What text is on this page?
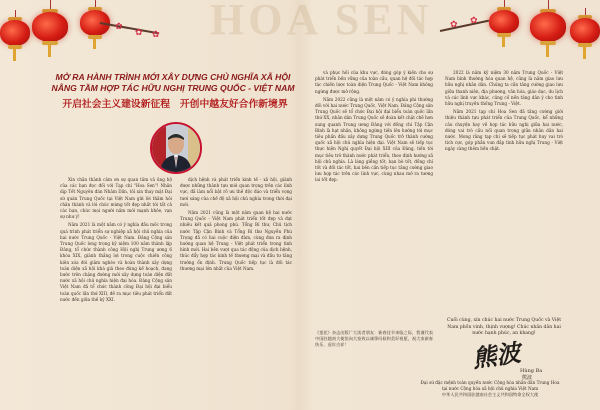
HOA SEN
✿
✿ ✿
✿ ✿
MỞ RA HÀNH TRÌNH MỚI XÂY DỰNG CHỦ NGHĨA XÃ HỘI
NÂNG TẦM HỢP TÁC HỮU NGHỊ TRUNG QUỐC - VIỆT NAM
开启社会主义建设新征程　开创中越友好合作新境界

Xin chân thành cảm ơn sự quan tâm và ủng hộ của các bạn đọc đối với Tạp chí "Hoa Sen"! Nhân dịp Tết Nguyên đán Nhâm Dần, tôi xin thay mặt Đại sứ quán Trung Quốc tại Việt Nam gửi lời thăm hỏi chân thành và lời chúc mừng tốt đẹp nhất tới tất cả các bạn, chúc mọi người năm mới mạnh khỏe, vạn sự như ý!

Năm 2021 là một năm có ý nghĩa đầu mốc trong quá trình phát triển sự nghiệp xã hội chủ nghĩa của hai nước Trung Quốc - Việt Nam. Đảng Cộng sản Trung Quốc long trọng kỷ niệm 100 năm thành lập Đảng, tổ chức thành công Hội nghị Trung ương 6 khóa XIX, giành thắng lợi trong cuộc chiến công kiên xóa đói giảm nghèo và hoàn thành xây dựng toàn diện xã hội khá giả theo đúng kế hoạch, đang bước trên chặng đường mới xây dựng toàn diện đất nước xã hội chủ nghĩa hiện đại hóa. Đảng Cộng sản Việt Nam đã tổ chức thành công Đại hội đại biểu toàn quốc lần thứ XIII, đề ra mục tiêu phát triển đất nước đến giữa thế kỷ XXI.

dịch bệnh và phát triển kinh tế - xã hội, giành được những thành tựu mới quan trọng trên các lĩnh vực, đã làm nổi bật rõ ưu thế độc đáo và triển vọng tươi sáng của chế độ xã hội chủ nghĩa trong thời đại mới.

Năm 2021 cũng là một năm quan hệ hai nước Trung Quốc - Việt Nam phát triển tốt đẹp và đạt nhiều kết quả phong phú. Tổng Bí thư, Chủ tịch nước Tập Cận Bình và Tổng Bí thư Nguyễn Phú Trọng đã có hai cuộc điện đàm, cùng đưa ra định hướng quan hệ Trung - Việt phát triển trong tình hình mới. Hai bên vượt qua tác động của dịch bệnh, thúc đẩy hợp tác kinh tế thương mại và đầu tư tăng trưởng ổn định. Trung Quốc tiếp tục là đối tác thương mại lớn nhất của Việt Nam.

và phục hồi của khu vực, đóng góp ý kiến cho sự phát triển bền vững của toàn cầu, quan hệ đối tác hợp tác chiến lược toàn diện Trung Quốc - Việt Nam không ngừng được mở rộng.

Năm 2022 cũng là một năm có ý nghĩa phi thường đối với hai nước Trung Quốc, Việt Nam. Đảng Cộng sản Trung Quốc sẽ tổ chức Đại hội đại biểu toàn quốc lần thứ XX, nhân dân Trung Quốc sẽ đoàn kết chặt chẽ hơn xung quanh Trung ương Đảng với đồng chí Tập Cận Bình là hạt nhân, không ngừng tiến lên hướng tới mục tiêu phấn đấu xây dựng Trung Quốc trở thành cường quốc xã hội chủ nghĩa hiện đại. Việt Nam sẽ tiếp tục thực hiện Nghị quyết Đại hội XIII của Đảng, tiến tới mục tiêu trở thành nước phát triển, theo định hướng xã hội chủ nghĩa. Là láng giềng tốt, bạn bè tốt, đồng chí tốt và đối tác tốt, hai bên cần tiếp tục tăng cường giao lưu hợp tác trên các lĩnh vực, cùng nhau mở ra tương lai tốt đẹp.

2022 là năm kỷ niệm 30 năm Trung Quốc - Việt Nam bình thường hóa quan hệ, cũng là năm giao lưu hữu nghị nhân dân. Chúng ta cần tăng cường giao lưu giữa thanh niên, địa phương, văn hóa, giáo dục, du lịch và các lĩnh vực khác, củng cố nền tảng dân ý cho tình hữu nghị truyền thống Trung - Việt.

Năm 2021 tạp chí Hoa Sen đã tăng cường giới thiệu thành tựu phát triển của Trung Quốc, kể những câu chuyện hay về hợp tác hữu nghị giữa hai nước, đóng vai trò cầu nối quan trọng giữa nhân dân hai nước. Mong rằng tạp chí sẽ tiếp tục phát huy vai trò tích cực, góp phần vun đắp tình hữu nghị Trung - Việt ngày càng thêm bền chặt.

《莲花》杂志出版广大读者朋友：新春佳节来临之际，我谨代表中国驻越南大使馆向大家致以诚挚问候和美好祝愿，祝大家新春快乐、虎年吉祥！
Cuối cùng, xin chúc hai nước Trung Quốc và Việt Nam phồn vinh, thịnh vượng! Chúc nhân dân hai nước hạnh phúc, an khang!
熊波
Hùng Ba
熊波
Đại sứ đặc mệnh toàn quyền nước Cộng hòa nhân dân Trung Hoa
tại nước Cộng hòa xã hội chủ nghĩa Việt Nam
中华人民共和国驻越南社会主义共和国特命全权大使
